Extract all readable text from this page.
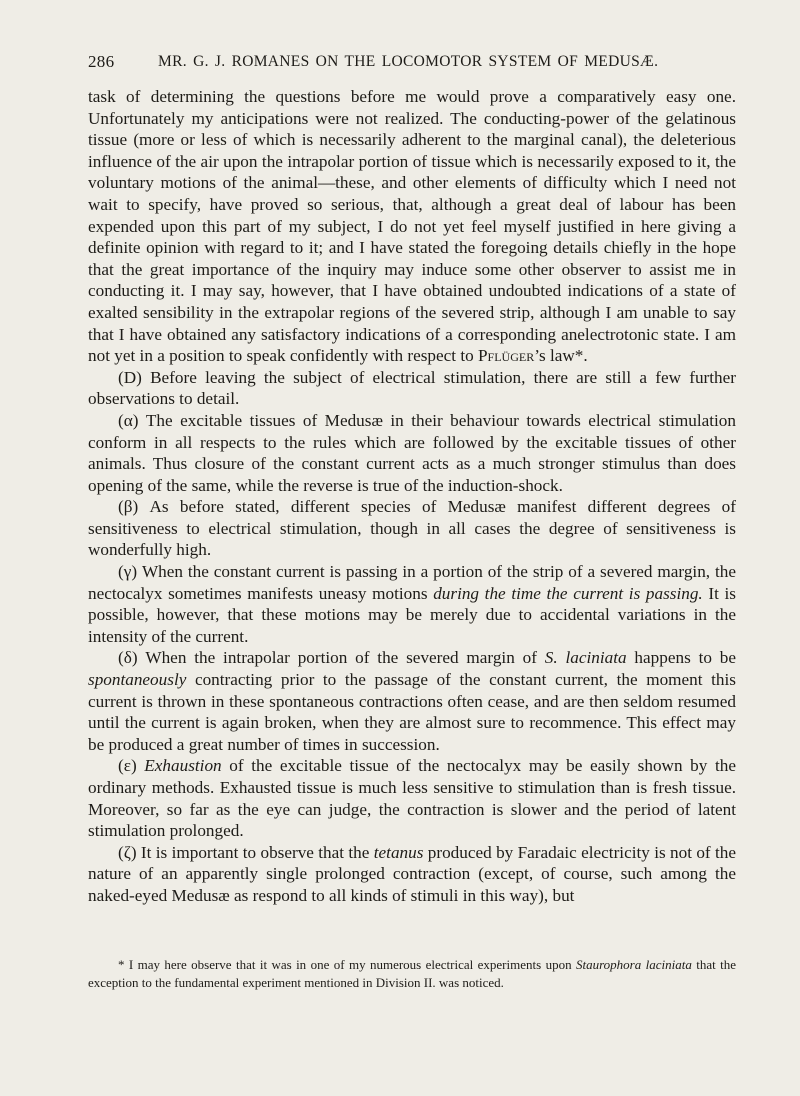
286	MR. G. J. ROMANES ON THE LOCOMOTOR SYSTEM OF MEDUSÆ.

task of determining the questions before me would prove a comparatively easy one. Unfortunately my anticipations were not realized. The conducting-power of the gelatinous tissue (more or less of which is necessarily adherent to the marginal canal), the deleterious influence of the air upon the intrapolar portion of tissue which is necessarily exposed to it, the voluntary motions of the animal—these, and other elements of difficulty which I need not wait to specify, have proved so serious, that, although a great deal of labour has been expended upon this part of my subject, I do not yet feel myself justified in here giving a definite opinion with regard to it; and I have stated the foregoing details chiefly in the hope that the great importance of the inquiry may induce some other observer to assist me in conducting it. I may say, however, that I have obtained undoubted indications of a state of exalted sensibility in the extrapolar regions of the severed strip, although I am unable to say that I have obtained any satisfactory indications of a corresponding anelectrotonic state. I am not yet in a position to speak confidently with respect to Pflüger’s law*.

(D) Before leaving the subject of electrical stimulation, there are still a few further observations to detail.

(α) The excitable tissues of Medusæ in their behaviour towards electrical stimulation conform in all respects to the rules which are followed by the excitable tissues of other animals. Thus closure of the constant current acts as a much stronger stimulus than does opening of the same, while the reverse is true of the induction-shock.

(β) As before stated, different species of Medusæ manifest different degrees of sensitiveness to electrical stimulation, though in all cases the degree of sensitiveness is wonderfully high.

(γ) When the constant current is passing in a portion of the strip of a severed margin, the nectocalyx sometimes manifests uneasy motions during the time the current is passing. It is possible, however, that these motions may be merely due to accidental variations in the intensity of the current.

(δ) When the intrapolar portion of the severed margin of S. laciniata happens to be spontaneously contracting prior to the passage of the constant current, the moment this current is thrown in these spontaneous contractions often cease, and are then seldom resumed until the current is again broken, when they are almost sure to recommence. This effect may be produced a great number of times in succession.

(ε) Exhaustion of the excitable tissue of the nectocalyx may be easily shown by the ordinary methods. Exhausted tissue is much less sensitive to stimulation than is fresh tissue. Moreover, so far as the eye can judge, the contraction is slower and the period of latent stimulation prolonged.

(ζ) It is important to observe that the tetanus produced by Faradaic electricity is not of the nature of an apparently single prolonged contraction (except, of course, such among the naked-eyed Medusæ as respond to all kinds of stimuli in this way), but

* I may here observe that it was in one of my numerous electrical experiments upon Staurophora laciniata that the exception to the fundamental experiment mentioned in Division II. was noticed.
